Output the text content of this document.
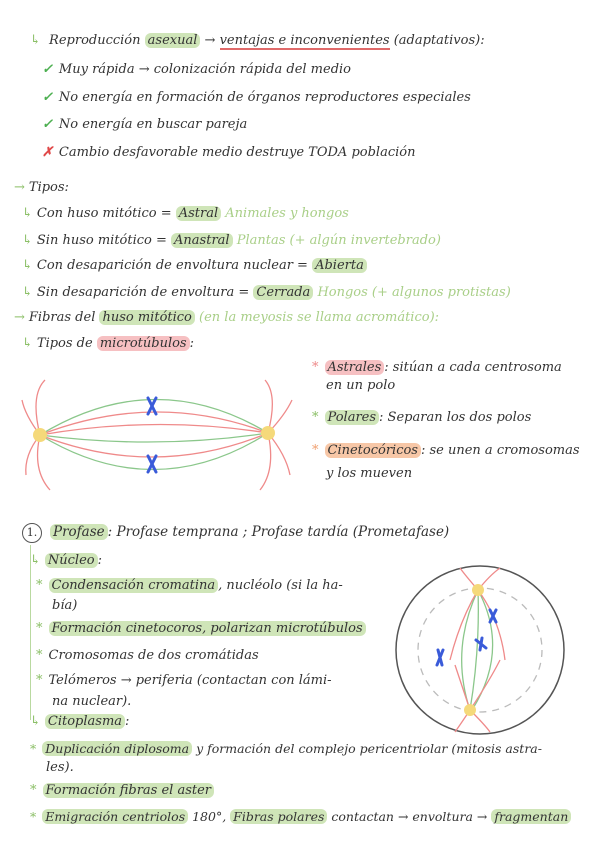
↳ Reproducción asexual → ventajas e inconvenientes (adaptativos):
✓ Muy rápida → colonización rápida del medio
✓ No energía en formación de órganos reproductores especiales
✓ No energía en buscar pareja
✗ Cambio desfavorable medio destruye TODA población
→ Tipos:
↳ Con huso mitótico = Astral Animales y hongos
↳ Sin huso mitótico = Anastral Plantas (+ algún invertebrado)
↳ Con desaparición de envoltura nuclear = Abierta
↳ Sin desaparición de envoltura = Cerrada Hongos (+ algunos protistas)
→ Fibras del huso mitótico (en la meyosis se llama acromático):
↳ Tipos de microtúbulos :
* Astrales : sitúan a cada centrosoma
en un polo
* Polares : Separan los dos polos
* Cinetocóricos : se unen a cromosomas
y los mueven
1. Profase : Profase temprana ; Profase tardía (Prometafase)
↳ Núcleo :
* Condensación cromatina , nucléolo (si la ha-
bía)
* Formación cinetocoros, polarizan microtúbulos
* Cromosomas de dos cromátidas
* Telómeros → periferia (contactan con lámi-
na nuclear).
↳ Citoplasma :
* Duplicación diplosoma y formación del complejo pericentriolar (mitosis astra-
les).
* Formación fibras el aster
* Emigración centriolos 180°, Fibras polares contactan → envoltura → fragmentan
